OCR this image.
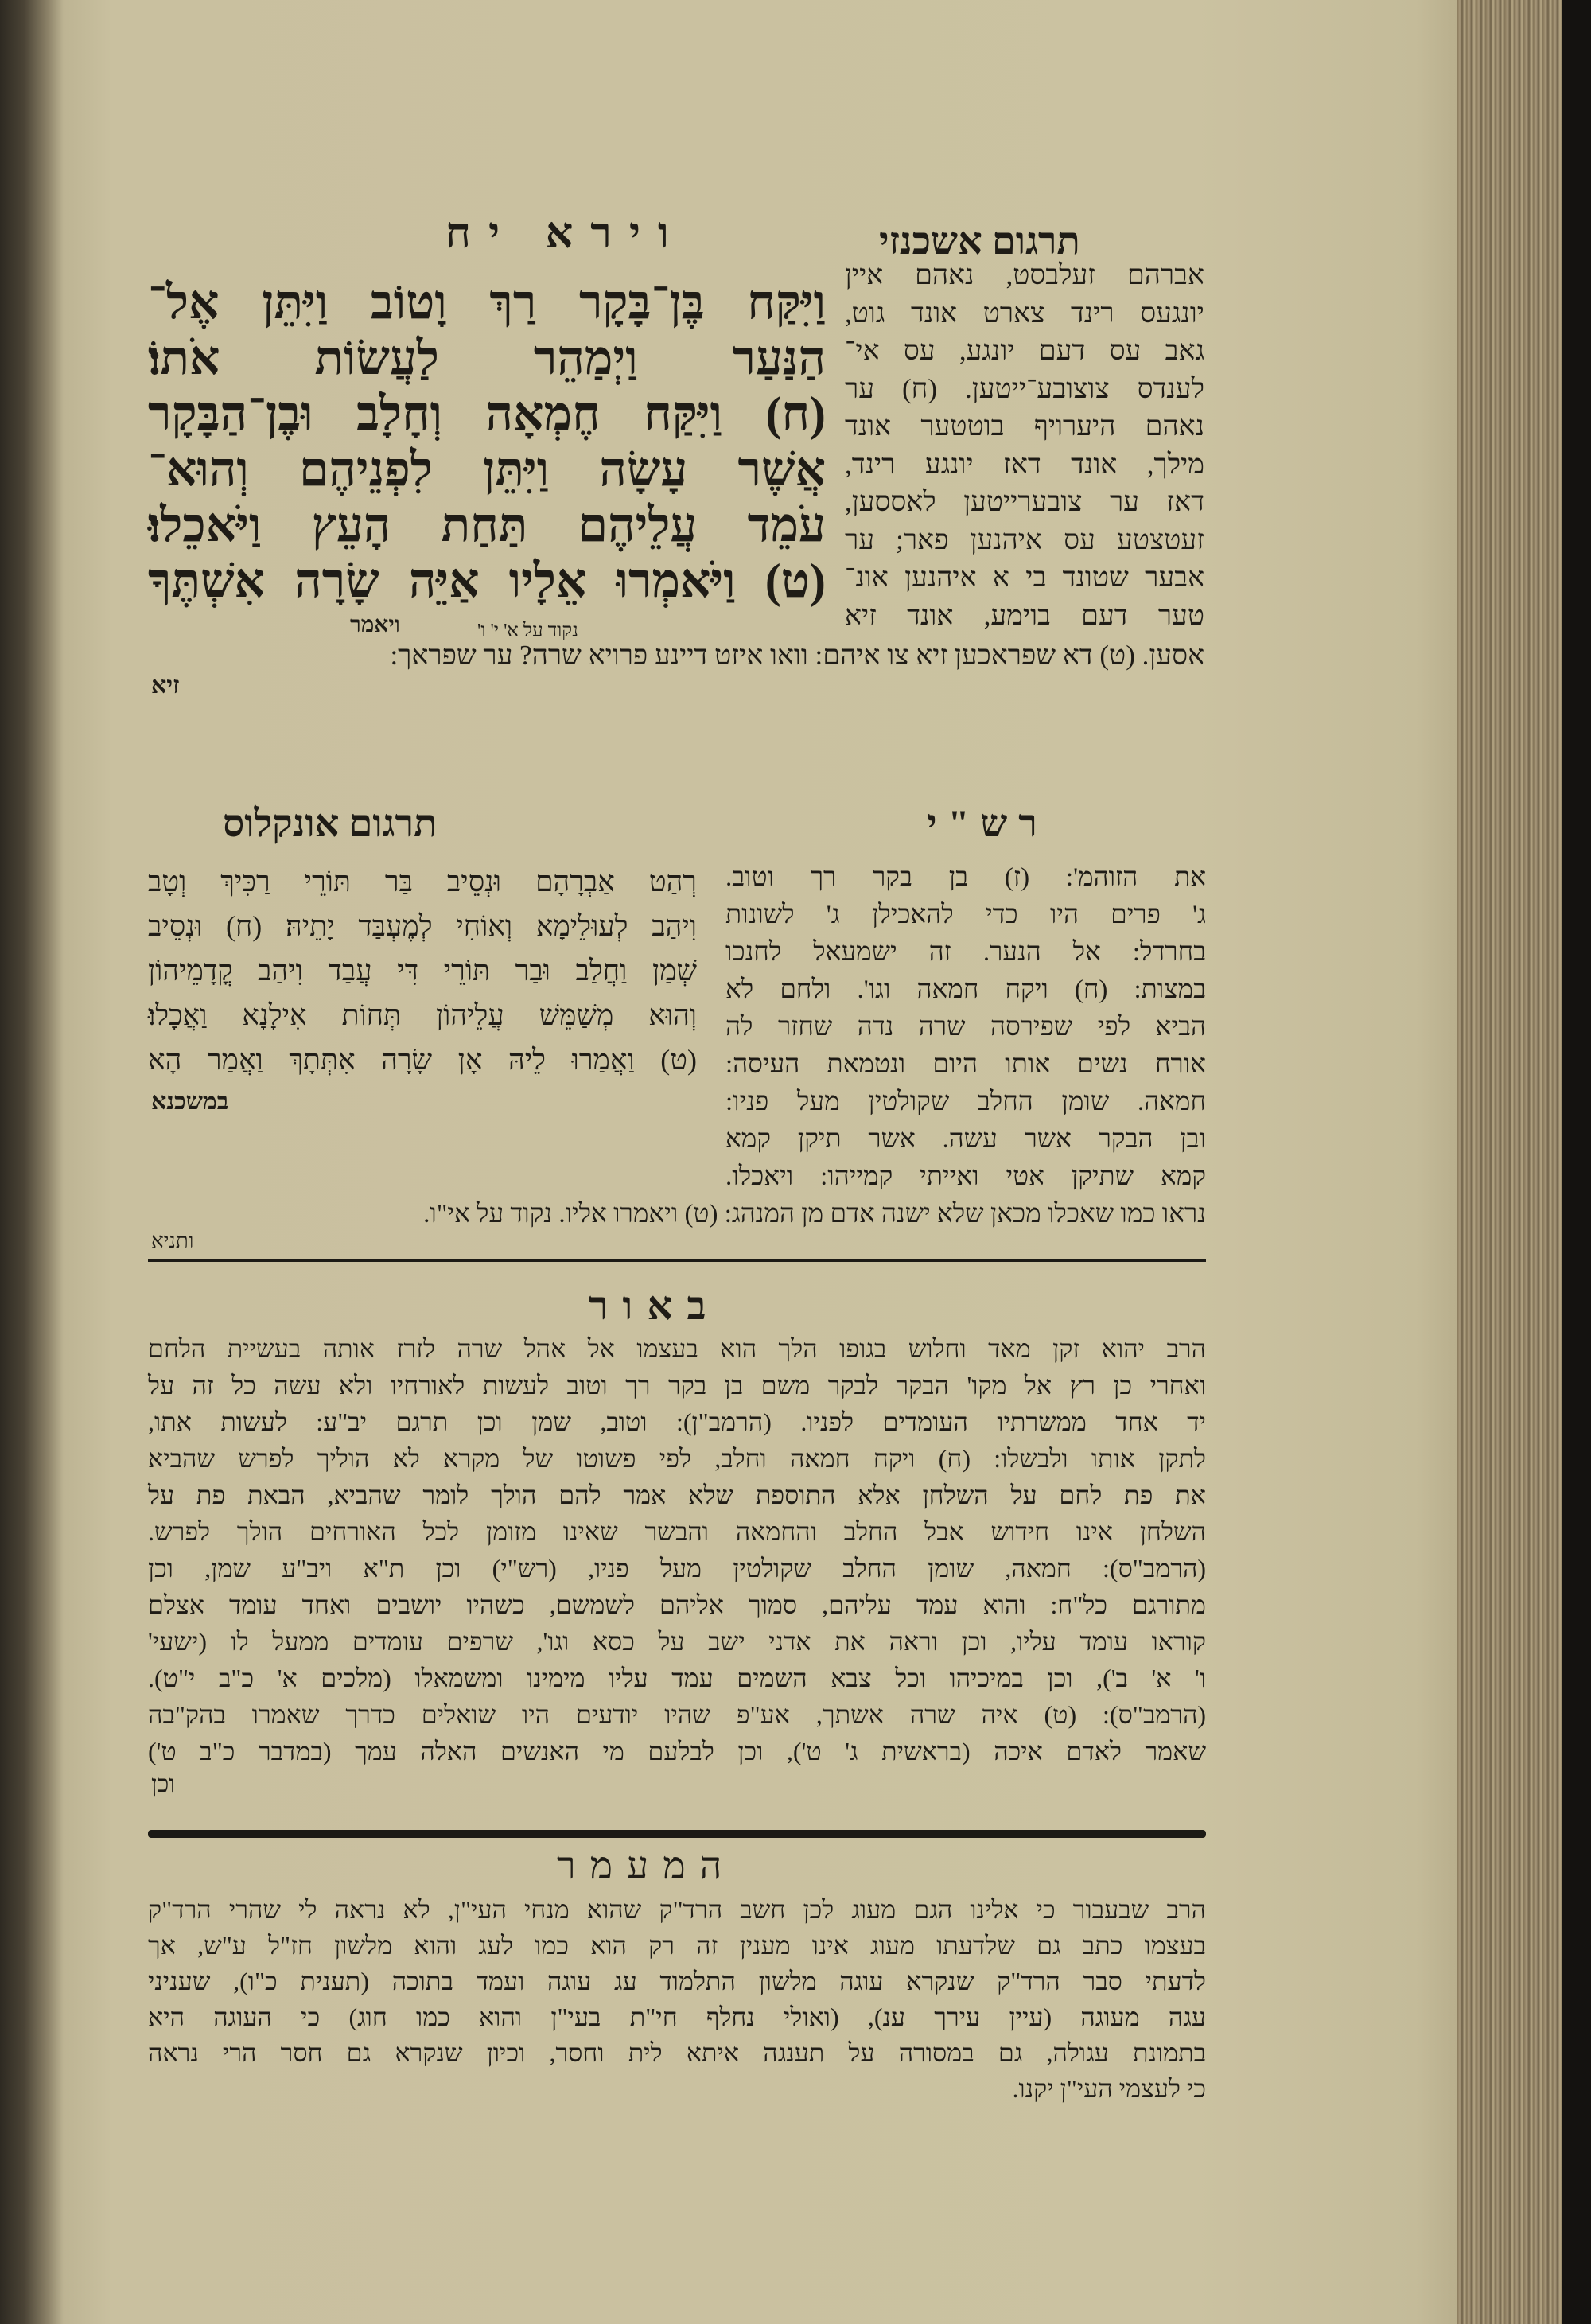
וירא יח	תרגום אשכנזי
וַיִּקַּח בֶּן־בָּקָר רַךְ וָטוֹב וַיִּתֵּן אֶל־
הַנַּעַר וַיְמַהֵר לַעֲשׂוֹת אֹתוֹ׃
(ח) וַיִּקַּח חֶמְאָה וְחָלָב וּבֶן־הַבָּקָר
אֲשֶׁר עָשָׂה וַיִּתֵּן לִפְנֵיהֶם וְהוּא־
עֹמֵד עֲלֵיהֶם תַּחַת הָעֵץ וַיֹּאכֵלוּ׃
(ט) וַיֹּאמְרוּ אֵלָיו אַיֵּה שָׂרָה אִשְׁתֶּךָ
נקוד על א' י' ו'
ויאמר
אברהם זעלבסט, נאהם איין
יונגעס רינד צארט אונד גוט,
גאב עס דעם יונגע, עס אי־
לענדס צוצובע־ייטען. (ח) ער
נאהם היערויף בוטטער אונד
מילך, אונד דאז יונגע רינד,
דאז ער צובערייטען לאססען,
זעטצטע עס איהנען פאר; ער
אבער שטונד בי א איהנען אונ־
טער דעם בוימע, אונד זיא
אסען. (ט) דא שפראכען זיא צו איהם: וואו איזט דיינע פרויא שרה? ער שפראך:
זיא
תרגום אונקלוס	רש"י
רְהַט אַבְרָהָם וּנְסֵיב בַּר תּוֹרֵי רַכִּיךְ וְטָב
וִיהַב לְעוּלֵימָא וְאוֹחִי לְמֶעְבַּד יָתֵיהּ׃ (ח) וּנְסֵיב
שְׁמַן וַחֲלַב וּבַר תּוֹרֵי דִּי עֲבַד וִיהַב קֳדָמֵיהוֹן
וְהוּא מְשַׁמֵּשׁ עֲלֵיהוֹן תְּחוֹת אִילָנָא וַאֲכָלוּ׃
(ט) וַאֲמַרוּ לֵיהּ אָן שָׂרָה אִתְּתָךְ וַאֲמַר הָא
במשכנא
את הזוהמ': (ז) בן בקר רך וטוב.
ג' פרים היו כדי להאכילן ג' לשונות
בחרדל: אל הנער. זה ישמעאל לחנכו
במצות: (ח) ויקח חמאה וגו'. ולחם לא
הביא לפי שפירסה שרה נדה שחזר לה
אורח נשים אותו היום ונטמאת העיסה:
חמאה. שומן החלב שקולטין מעל פניו:
ובן הבקר אשר עשה. אשר תיקן קמא
קמא שתיקן אטי ואייתי קמייהו: ויאכלו.
נראו כמו שאכלו מכאן שלא ישנה אדם מן המנהג: (ט) ויאמרו אליו. נקוד על אי"ו.
ותניא
באור
הרב יהוא זקן מאד וחלוש בגופו הלך הוא בעצמו אל אהל שרה לזרז אותה בעשיית הלחם
ואחרי כן רץ אל מקו' הבקר לבקר משם בן בקר רך וטוב לעשות לאורחיו ולא עשה כל זה על
יד אחד ממשרתיו העומדים לפניו. (הרמב"ן): וטוב, שמן וכן תרגם יב"ע: לעשות אתו,
לתקן אותו ולבשלו: (ח) ויקח חמאה וחלב, לפי פשוטו של מקרא לא הוליך לפרש שהביא
את פת לחם על השלחן אלא התוספת שלא אמר להם הולך לומר שהביא, הבאת פת על
השלחן אינו חידוש אבל החלב והחמאה והבשר שאינו מזומן לכל האורחים הולך לפרש.
(הרמב"ס): חמאה, שומן החלב שקולטין מעל פניו, (רש"י) וכן ת"א ויב"ע שמן, וכן
מתורגם כל"ח: והוא עמד עליהם, סמוך אליהם לשמשם, כשהיו יושבים ואחד עומד אצלם
קוראו עומד עליו, וכן וראה את אדני ישב על כסא וגו', שרפים עומדים ממעל לו (ישעי'
ו' א' ב'), וכן במיכיהו וכל צבא השמים עמד עליו מימינו ומשמאלו (מלכים א' כ"ב י"ט).
(הרמב"ס): (ט) איה שרה אשתך, אע"פ שהיו יודעים היו שואלים כדרך שאמרו בהק"בה
שאמר לאדם איכה (בראשית ג' ט'), וכן לבלעם מי האנשים האלה עמך (במדבר כ"ב ט')
וכן
המעמר
הרב שבעבור כי אלינו הגם מעוג לכן חשב הרד"ק שהוא מנחי העי"ן, לא נראה לי שהרי הרד"ק
בעצמו כתב גם שלדעתו מעוג אינו מענין זה רק הוא כמו לעג והוא מלשון חז"ל ע"ש, אך
לדעתי סבר הרד"ק שנקרא עוגה מלשון התלמוד עג עוגה ועמד בתוכה (תענית כ"ו), שעניני
עגה מעוגה (עיין עירך ענ), (ואולי נחלף חי"ת בעי"ן והוא כמו חוג) כי העוגה היא
בתמונת עגולה, גם במסורה על תענגה איתא לית וחסר, וכיון שנקרא גם חסר הרי נראה
כי לעצמי העי"ן יקנו.
